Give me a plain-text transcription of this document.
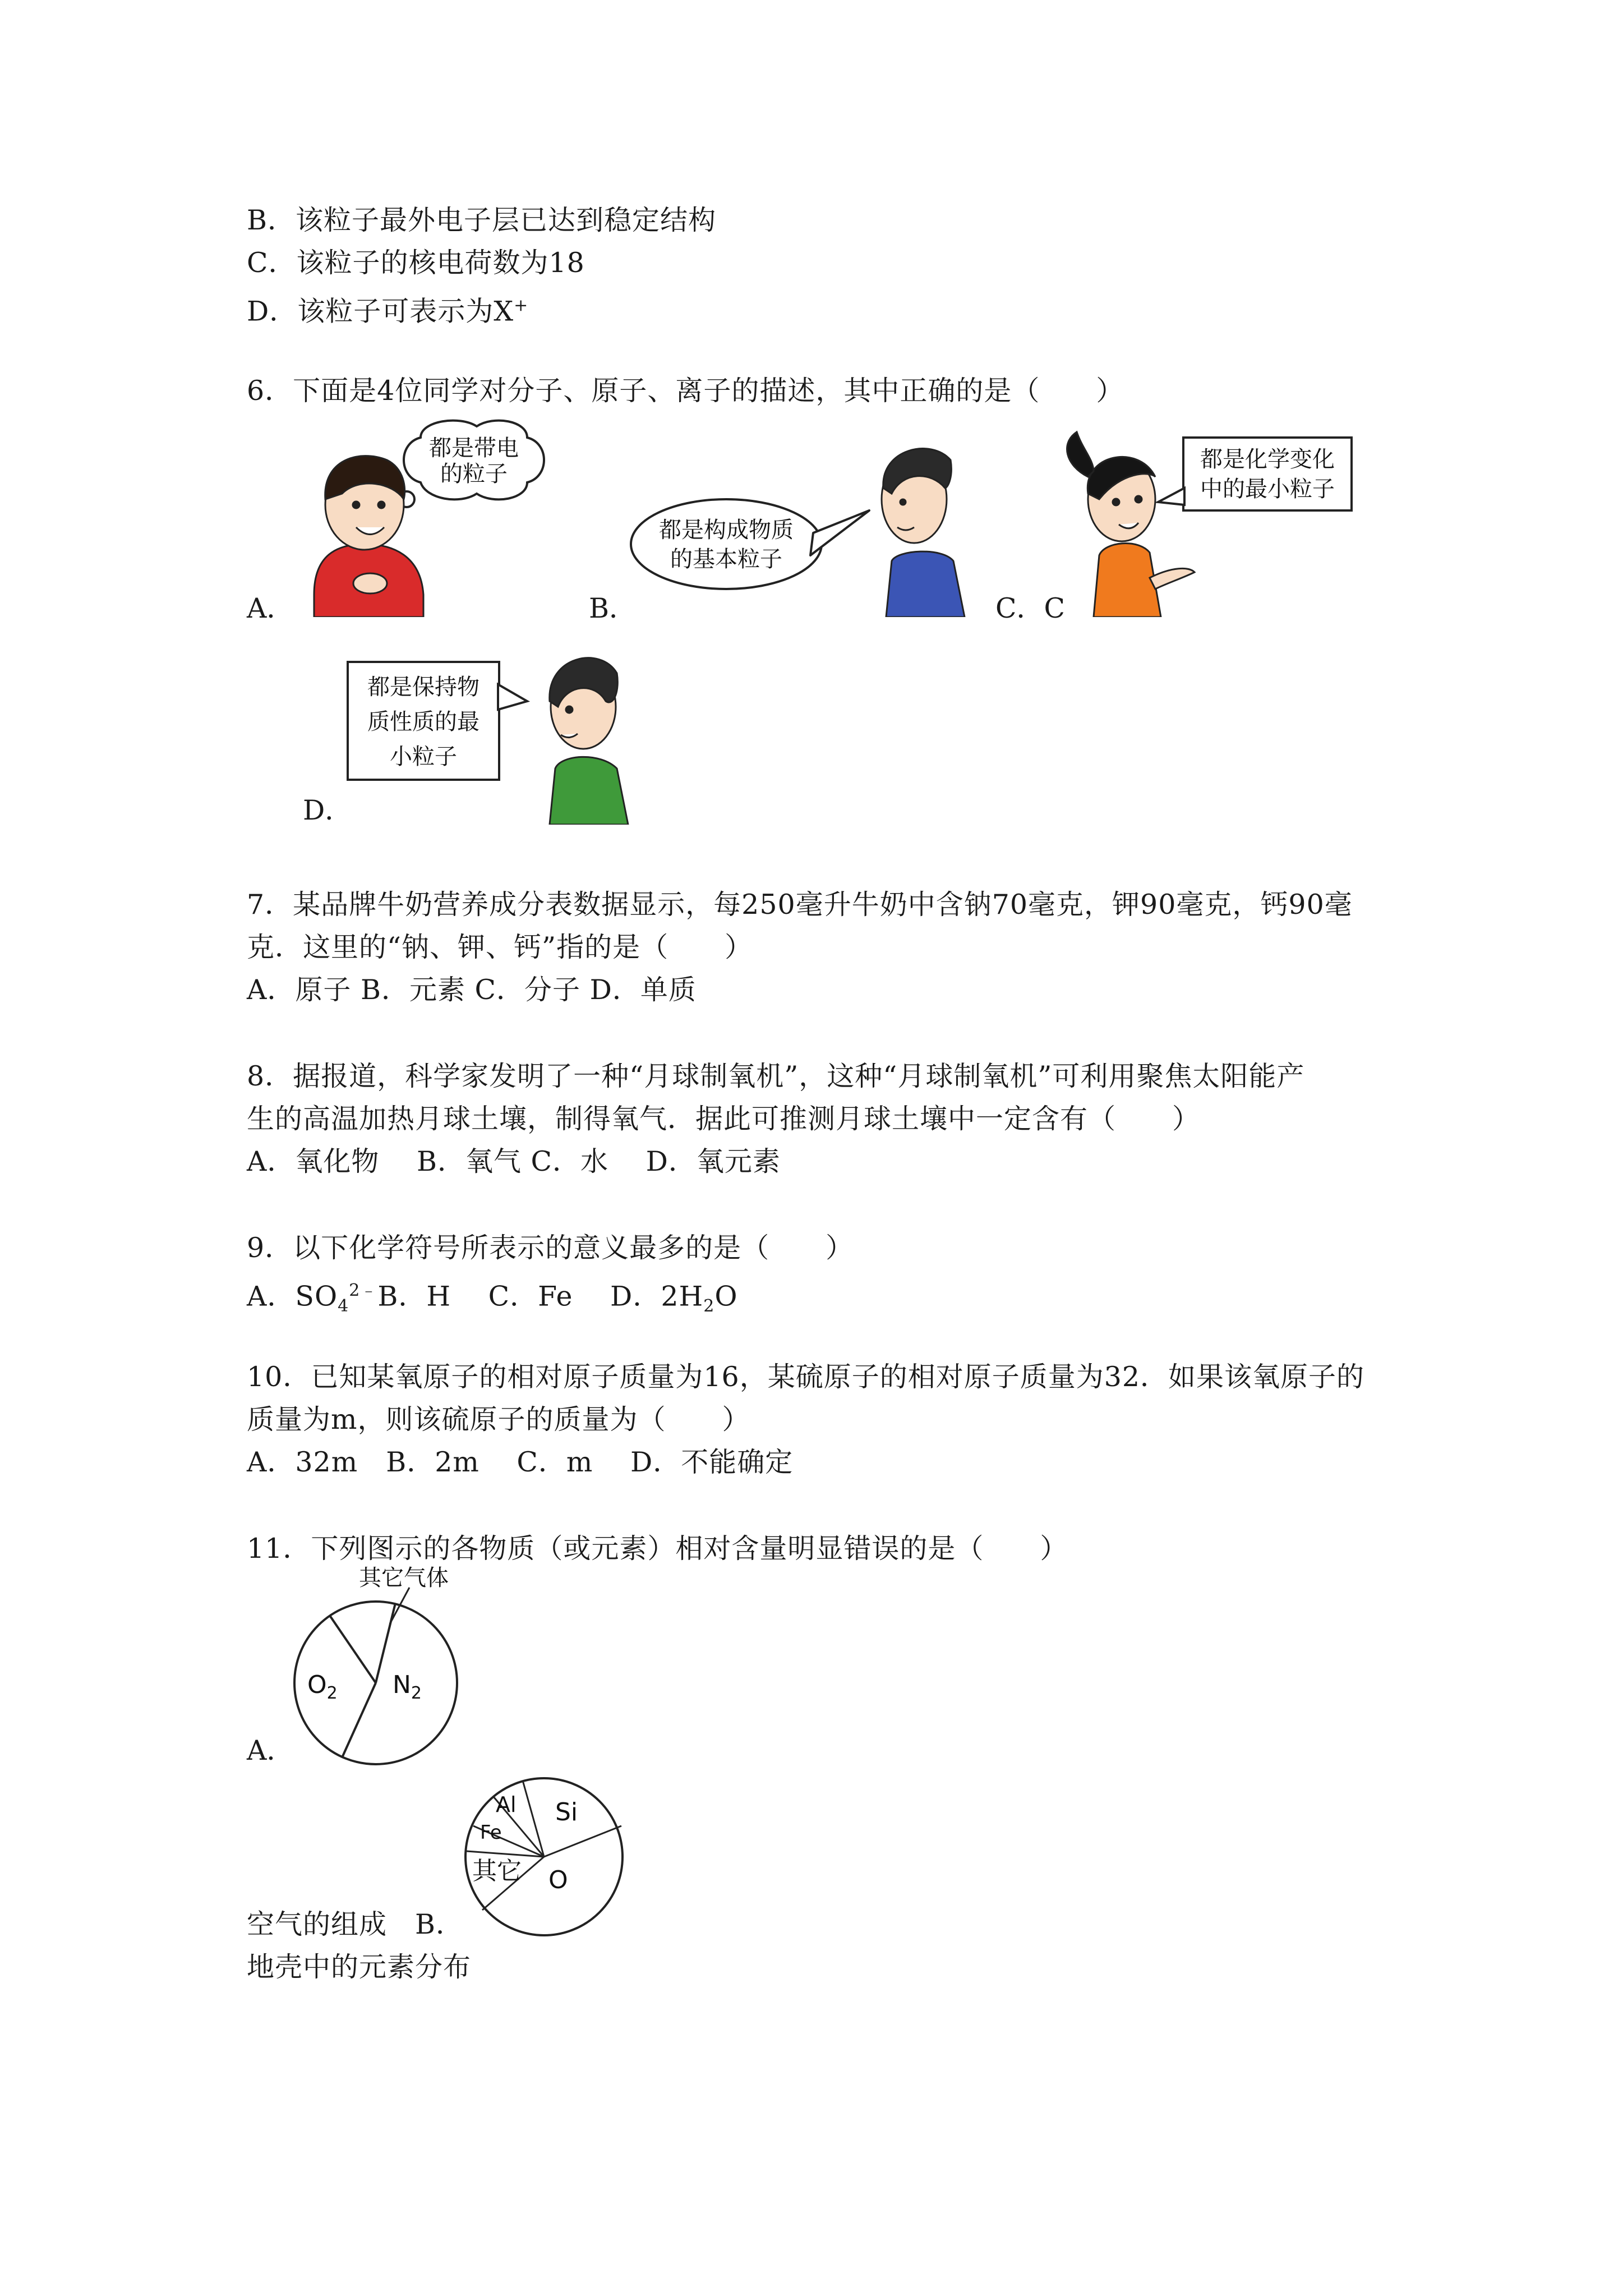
B．该粒子最外电子层已达到稳定结构
C．该粒子的核电荷数为18
D．该粒子可表示为X+
6．下面是4位同学对分子、原子、离子的描述，其中正确的是（　　）
都是带电
的粒子
A．
都是构成物质
的基本粒子
B．	C．C
都是化学变化
中的最小粒子
都是保持物
质性质的最
小粒子
D．
7．某品牌牛奶营养成分表数据显示，每250毫升牛奶中含钠70毫克，钾90毫克，钙90毫
克．这里的“钠、钾、钙”指的是（　　）
A．原子 B．元素 C．分子 D．单质
8．据报道，科学家发明了一种“月球制氧机”，这种“月球制氧机”可利用聚焦太阳能产
生的高温加热月球土壤，制得氧气．据此可推测月球土壤中一定含有（　　）
A．氧化物　 B．氧气 C．水　 D．氧元素
9．以下化学符号所表示的意义最多的是（　　）
A．$SO_4^{2﹣}B$．H　 C．Fe　 D．$2H_2O$
10．已知某氧原子的相对原子质量为16，某硫原子的相对原子质量为32．如果该氧原子的
质量为m，则该硫原子的质量为（　　）
A．32m　B．2m　 C．m　 D．不能确定
11．下列图示的各物质（或元素）相对含量明显错误的是（　　）
其它气体
$O_2$ $N_2$
A．
Al
Fe
Si
其它 O
空气的组成　B．
地壳中的元素分布
